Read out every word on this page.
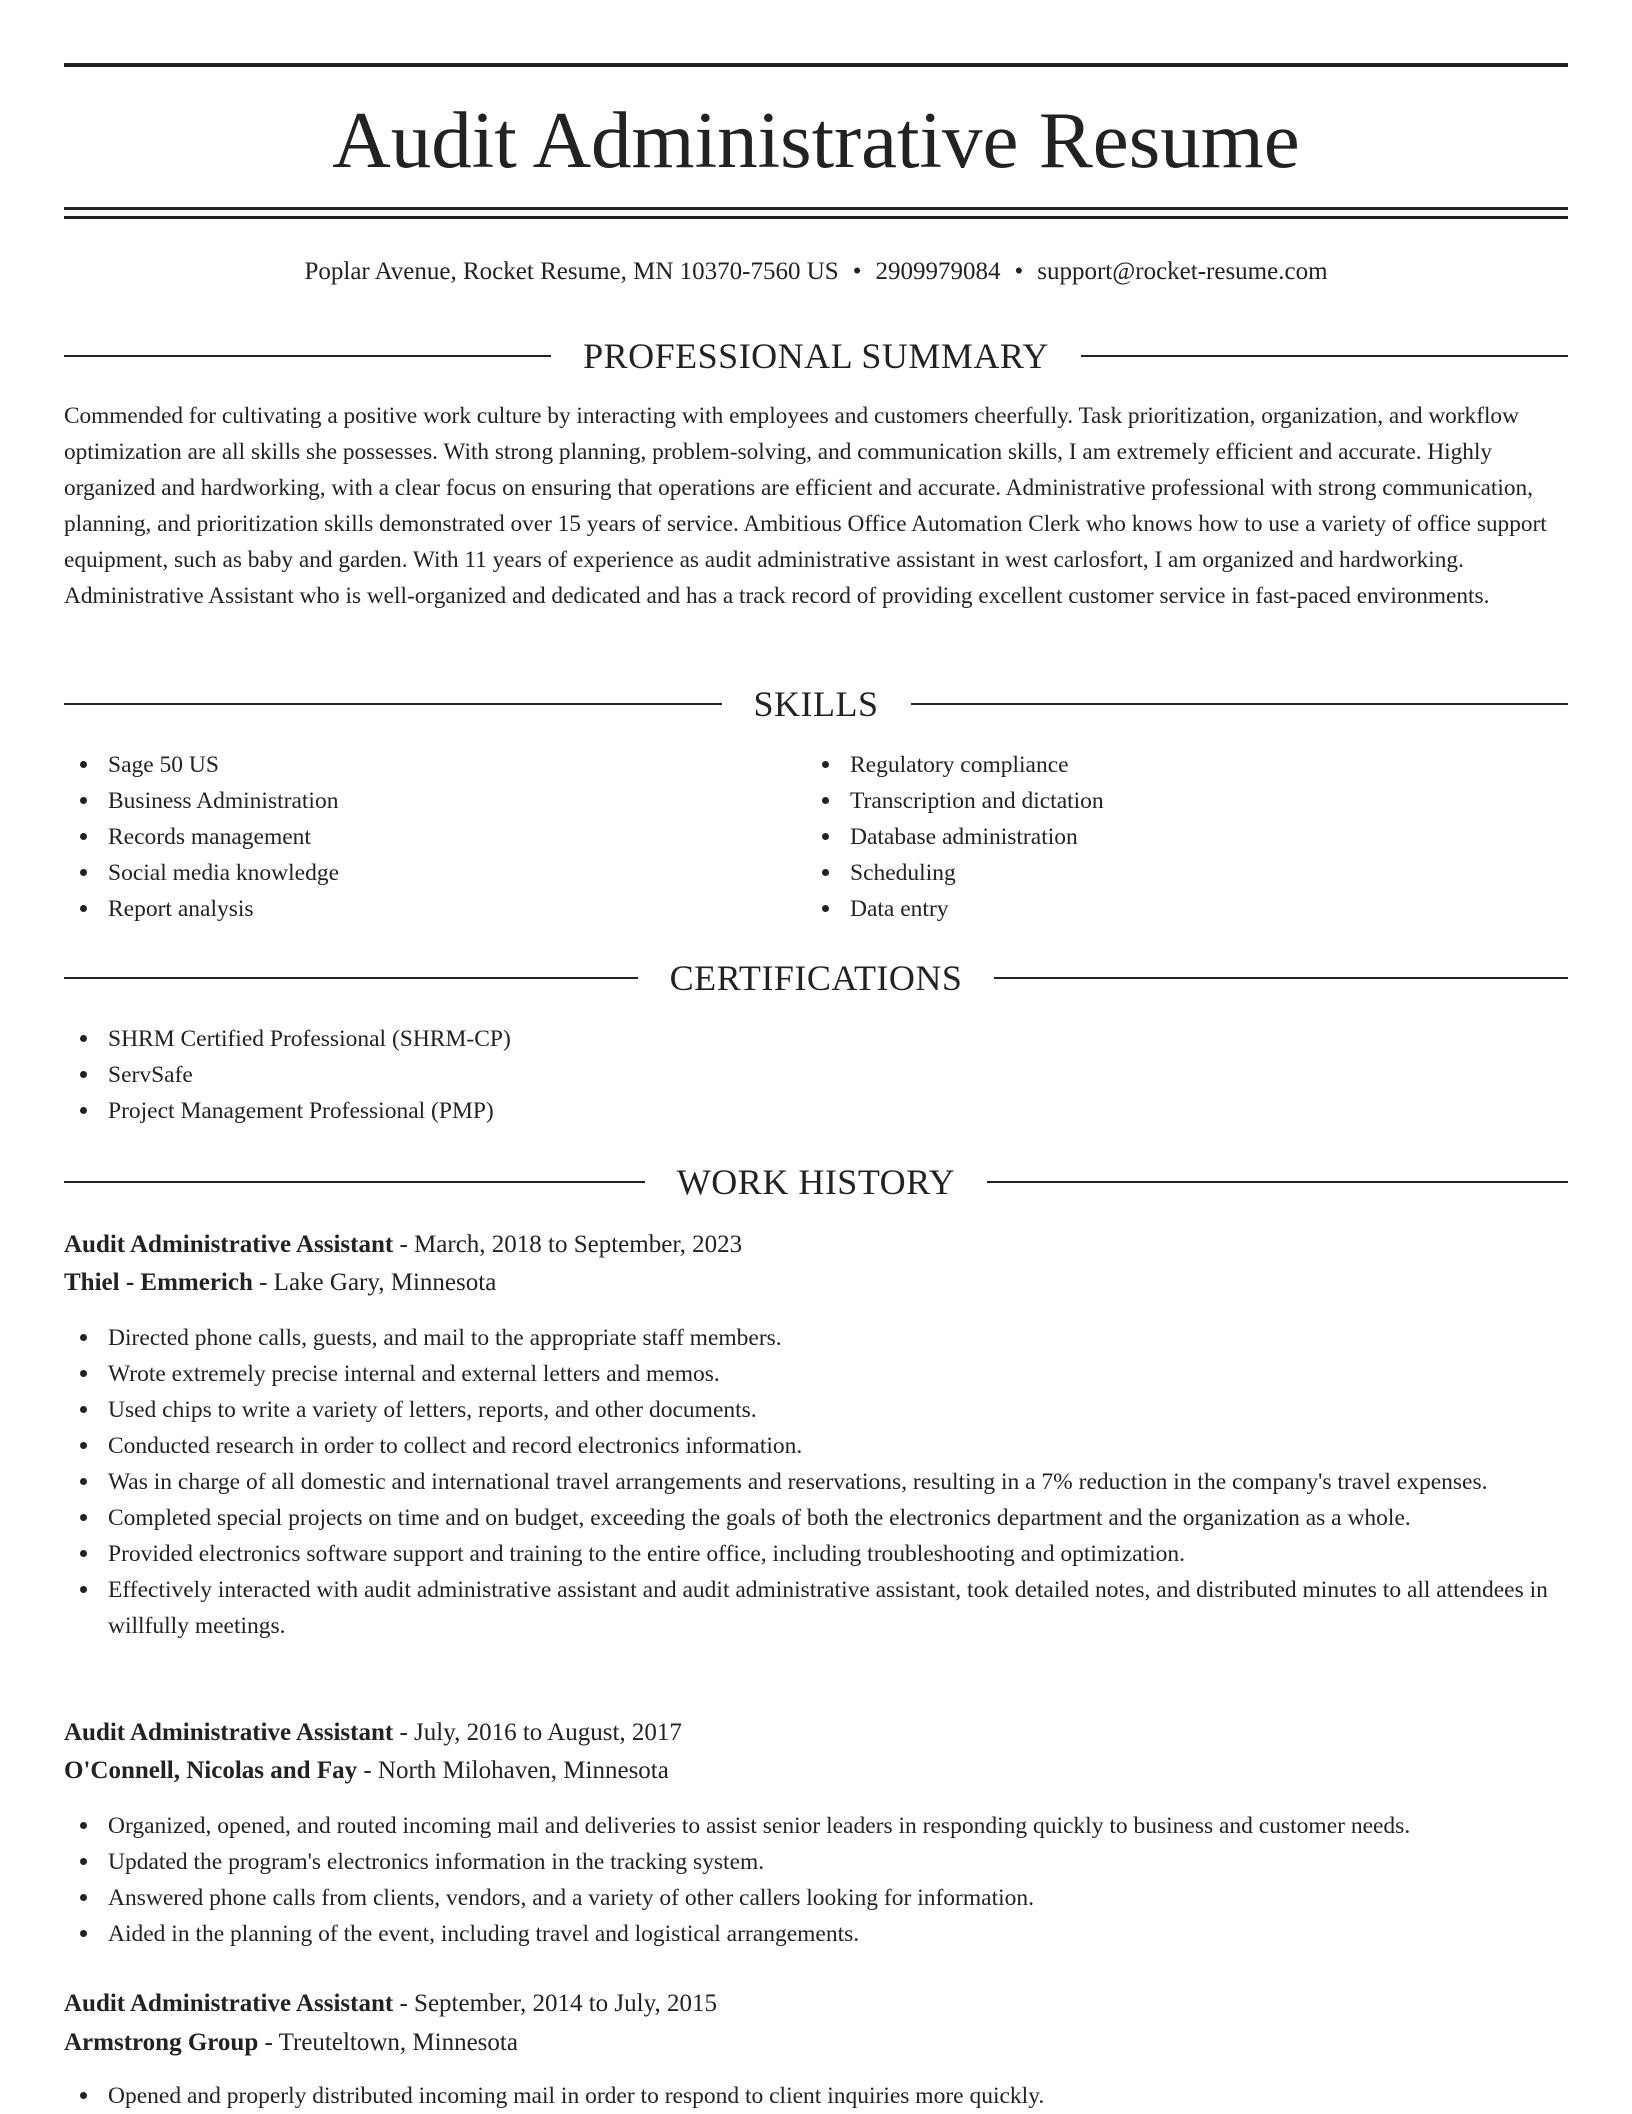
Audit Administrative Resume
Poplar Avenue, Rocket Resume, MN 10370-7560 US • 2909979084 • support@rocket-resume.com
PROFESSIONAL SUMMARY

Commended for cultivating a positive work culture by interacting with employees and customers cheerfully. Task prioritization, organization, and workflow optimization are all skills she possesses. With strong planning, problem-solving, and communication skills, I am extremely efficient and accurate. Highly organized and hardworking, with a clear focus on ensuring that operations are efficient and accurate. Administrative professional with strong communication, planning, and prioritization skills demonstrated over 15 years of service. Ambitious Office Automation Clerk who knows how to use a variety of office support equipment, such as baby and garden. With 11 years of experience as audit administrative assistant in west carlosfort, I am organized and hardworking. Administrative Assistant who is well-organized and dedicated and has a track record of providing excellent customer service in fast-paced environments.

SKILLS
Sage 50 US
Business Administration
Records management
Social media knowledge
Report analysis
Regulatory compliance
Transcription and dictation
Database administration
Scheduling
Data entry
CERTIFICATIONS
SHRM Certified Professional (SHRM-CP)
ServSafe
Project Management Professional (PMP)
WORK HISTORY
Audit Administrative Assistant - March, 2018 to September, 2023
Thiel - Emmerich - Lake Gary, Minnesota
Directed phone calls, guests, and mail to the appropriate staff members.
Wrote extremely precise internal and external letters and memos.
Used chips to write a variety of letters, reports, and other documents.
Conducted research in order to collect and record electronics information.
Was in charge of all domestic and international travel arrangements and reservations, resulting in a 7% reduction in the company's travel expenses.
Completed special projects on time and on budget, exceeding the goals of both the electronics department and the organization as a whole.
Provided electronics software support and training to the entire office, including troubleshooting and optimization.
Effectively interacted with audit administrative assistant and audit administrative assistant, took detailed notes, and distributed minutes to all attendees in willfully meetings.
Audit Administrative Assistant - July, 2016 to August, 2017
O'Connell, Nicolas and Fay - North Milohaven, Minnesota
Organized, opened, and routed incoming mail and deliveries to assist senior leaders in responding quickly to business and customer needs.
Updated the program's electronics information in the tracking system.
Answered phone calls from clients, vendors, and a variety of other callers looking for information.
Aided in the planning of the event, including travel and logistical arrangements.
Audit Administrative Assistant - September, 2014 to July, 2015
Armstrong Group - Treuteltown, Minnesota
Opened and properly distributed incoming mail in order to respond to client inquiries more quickly.
